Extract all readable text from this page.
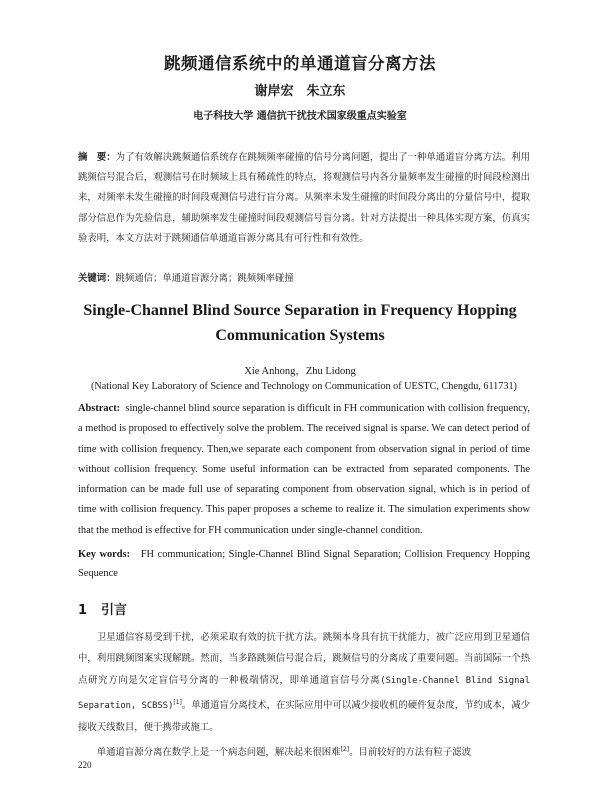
跳频通信系统中的单通道盲分离方法
谢岸宏　朱立东
电子科技大学 通信抗干扰技术国家级重点实验室
摘　要：为了有效解决跳频通信系统存在跳频频率碰撞的信号分离问题，提出了一种单通道盲分离方法。利用跳频信号混合后，观测信号在时频域上具有稀疏性的特点，将观测信号内各分量频率发生碰撞的时间段检测出来，对频率未发生碰撞的时间段观测信号进行盲分离。从频率未发生碰撞的时间段分离出的分量信号中，提取部分信息作为先验信息，辅助频率发生碰撞时间段观测信号盲分离。针对方法提出一种具体实现方案，仿真实验表明，本文方法对于跳频通信单通道盲源分离具有可行性和有效性。
关键词：跳频通信；单通道盲源分离；跳频频率碰撞
Single-Channel Blind Source Separation in Frequency Hopping Communication Systems
Xie Anhong，Zhu Lidong
(National Key Laboratory of Science and Technology on Communication of UESTC, Chengdu, 611731)
Abstract: single-channel blind source separation is difficult in FH communication with collision frequency, a method is proposed to effectively solve the problem. The received signal is sparse. We can detect period of time with collision frequency. Then,we separate each component from observation signal in period of time without collision frequency. Some useful information can be extracted from separated components. The information can be made full use of separating component from observation signal, which is in period of time with collision frequency. This paper proposes a scheme to realize it. The simulation experiments show that the method is effective for FH communication under single-channel condition.
Key words: FH communication; Single-Channel Blind Signal Separation; Collision Frequency Hopping Sequence
1 引言

卫星通信容易受到干扰，必须采取有效的抗干扰方法。跳频本身具有抗干扰能力，被广泛应用到卫星通信中，利用跳频图案实现解跳。然而，当多路跳频信号混合后，跳频信号的分离成了重要问题。当前国际一个热点研究方向是欠定盲信号分离的一种极端情况，即单通道盲信号分离(Single-Channel Blind Signal Separation, SCBSS)[1]。单通道盲分离技术，在实际应用中可以减少接收机的硬件复杂度，节约成本，减少接收天线数目，便于携带或施工。

单通道盲源分离在数学上是一个病态问题，解决起来很困难[2]。目前较好的方法有粒子滤波

220
